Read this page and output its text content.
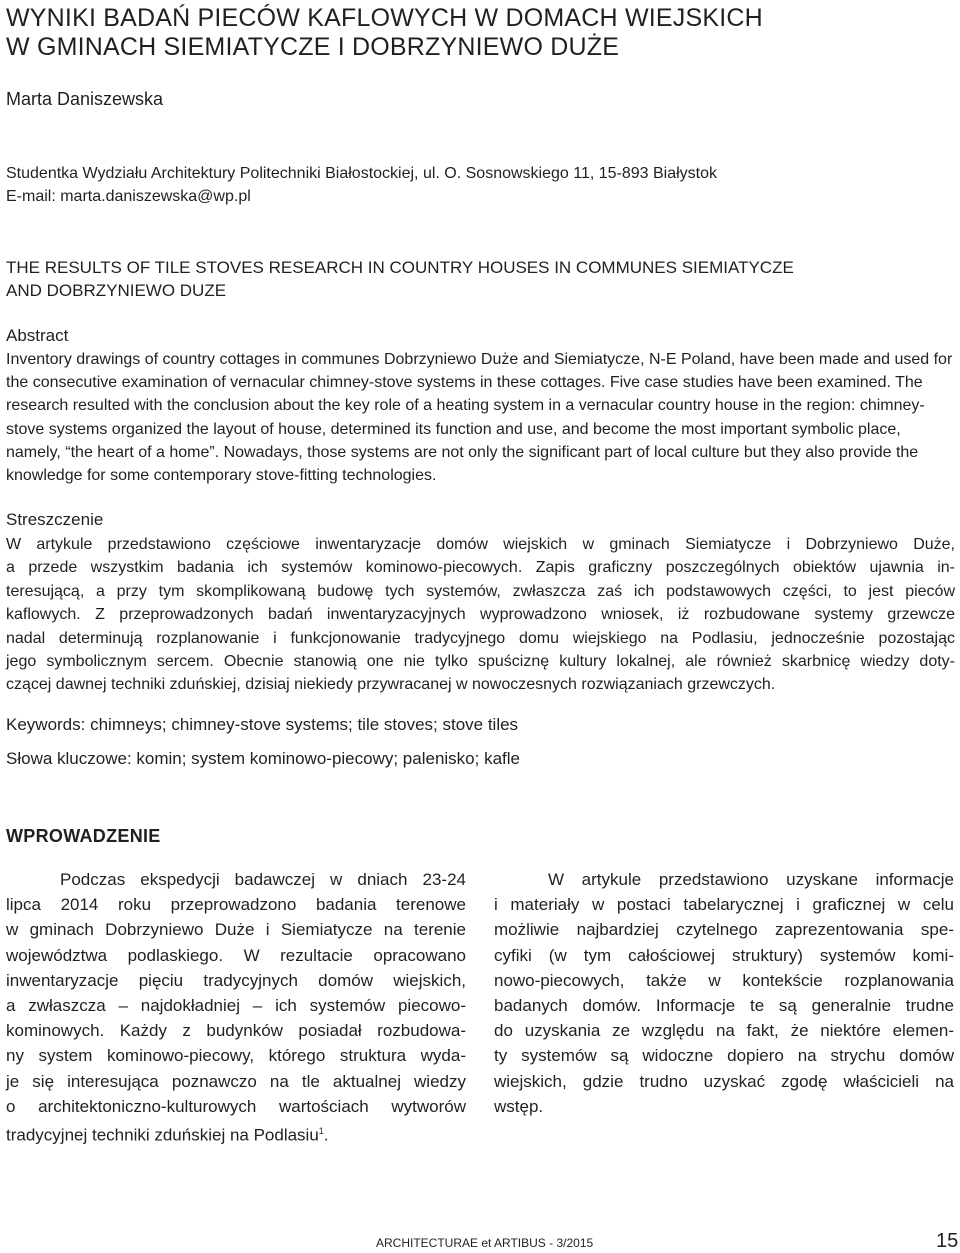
WYNIKI BADAŃ PIECÓW KAFLOWYCH W DOMACH WIEJSKICH
W GMINACH SIEMIATYCZE I DOBRZYNIEWO DUŻE
Marta Daniszewska
Studentka Wydziału Architektury Politechniki Białostockiej, ul. O. Sosnowskiego 11, 15-893 Białystok
E-mail: marta.daniszewska@wp.pl
THE RESULTS OF TILE STOVES RESEARCH IN COUNTRY HOUSES IN COMMUNES SIEMIATYCZE
AND DOBRZYNIEWO DUZE
Abstract
Inventory drawings of country cottages in communes Dobrzyniewo Duże and Siemiatycze, N-E Poland, have been made and used for the consecutive examination of vernacular chimney-stove systems in these cottages. Five case studies have been examined. The research resulted with the conclusion about the key role of a heating system in a vernacular country house in the region: chimney-stove systems organized the layout of house, determined its function and use, and become the most important symbolic place, namely, “the heart of a home”. Nowadays, those systems are not only the significant part of local culture but they also provide the knowledge for some contemporary stove-fitting technologies.
Streszczenie
W artykule przedstawiono częściowe inwentaryzacje domów wiejskich w gminach Siemiatycze i Dobrzyniewo Duże,
a przede wszystkim badania ich systemów kominowo-piecowych. Zapis graficzny poszczególnych obiektów ujawnia in-
teresującą, a przy tym skomplikowaną budowę tych systemów, zwłaszcza zaś ich podstawowych części, to jest pieców
kaflowych. Z przeprowadzonych badań inwentaryzacyjnych wyprowadzono wniosek, iż rozbudowane systemy grzewcze
nadal determinują rozplanowanie i funkcjonowanie tradycyjnego domu wiejskiego na Podlasiu, jednocześnie pozostając
jego symbolicznym sercem. Obecnie stanowią one nie tylko spuściznę kultury lokalnej, ale również skarbnicę wiedzy doty-
czącej dawnej techniki zduńskiej, dzisiaj niekiedy przywracanej w nowoczesnych rozwiązaniach grzewczych.
Keywords: chimneys; chimney-stove systems; tile stoves; stove tiles
Słowa kluczowe: komin; system kominowo-piecowy; palenisko; kafle
WPROWADZENIE
Podczas ekspedycji badawczej w dniach 23-24
lipca 2014 roku przeprowadzono badania terenowe
w gminach Dobrzyniewo Duże i Siemiatycze na terenie
województwa podlaskiego. W rezultacie opracowano
inwentaryzacje pięciu tradycyjnych domów wiejskich,
a zwłaszcza – najdokładniej – ich systemów piecowo-
kominowych. Każdy z budynków posiadał rozbudowa-
ny system kominowo-piecowy, którego struktura wyda-
je się interesująca poznawczo na tle aktualnej wiedzy
o architektoniczno-kulturowych wartościach wytworów
tradycyjnej techniki zduńskiej na Podlasiu$^1$.
W artykule przedstawiono uzyskane informacje
i materiały w postaci tabelarycznej i graficznej w celu
możliwie najbardziej czytelnego zaprezentowania spe-
cyfiki (w tym całościowej struktury) systemów komi-
nowo-piecowych, także w kontekście rozplanowania
badanych domów. Informacje te są generalnie trudne
do uzyskania ze względu na fakt, że niektóre elemen-
ty systemów są widoczne dopiero na strychu domów
wiejskich, gdzie trudno uzyskać zgodę właścicieli na
wstęp.
ARCHITECTURAE et ARTIBUS - 3/2015	15
